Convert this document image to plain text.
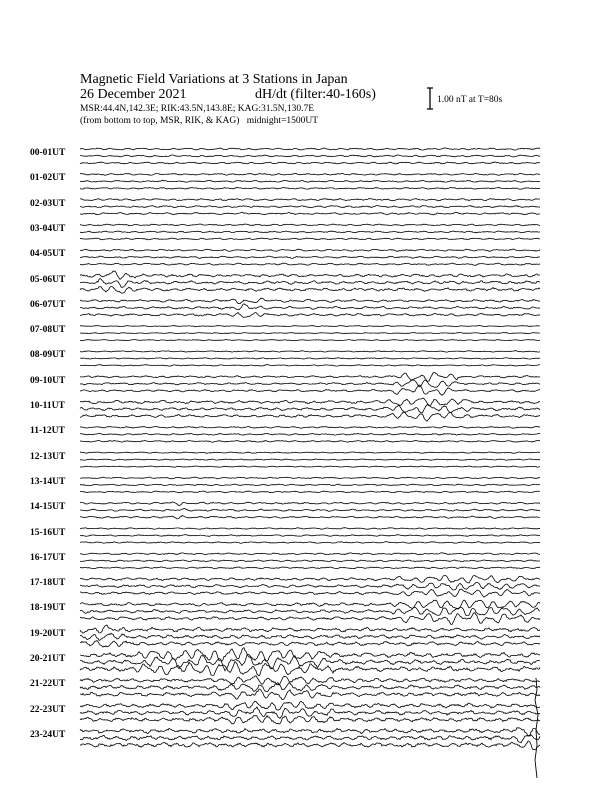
Magnetic Field Variations at 3 Stations in Japan
26 December 2021	dH/dt (filter:40-160s)
MSR:44.4N,142.3E; RIK:43.5N,143.8E; KAG:31.5N,130.7E
(from bottom to top, MSR, RIK, & KAG) midnight=1500UT
1.00 nT at T=80s
00-01UT
01-02UT
02-03UT
03-04UT
04-05UT
05-06UT
06-07UT
07-08UT
08-09UT
09-10UT
10-11UT
11-12UT
12-13UT
13-14UT
14-15UT
15-16UT
16-17UT
17-18UT
18-19UT
19-20UT
20-21UT
21-22UT
22-23UT
23-24UT
